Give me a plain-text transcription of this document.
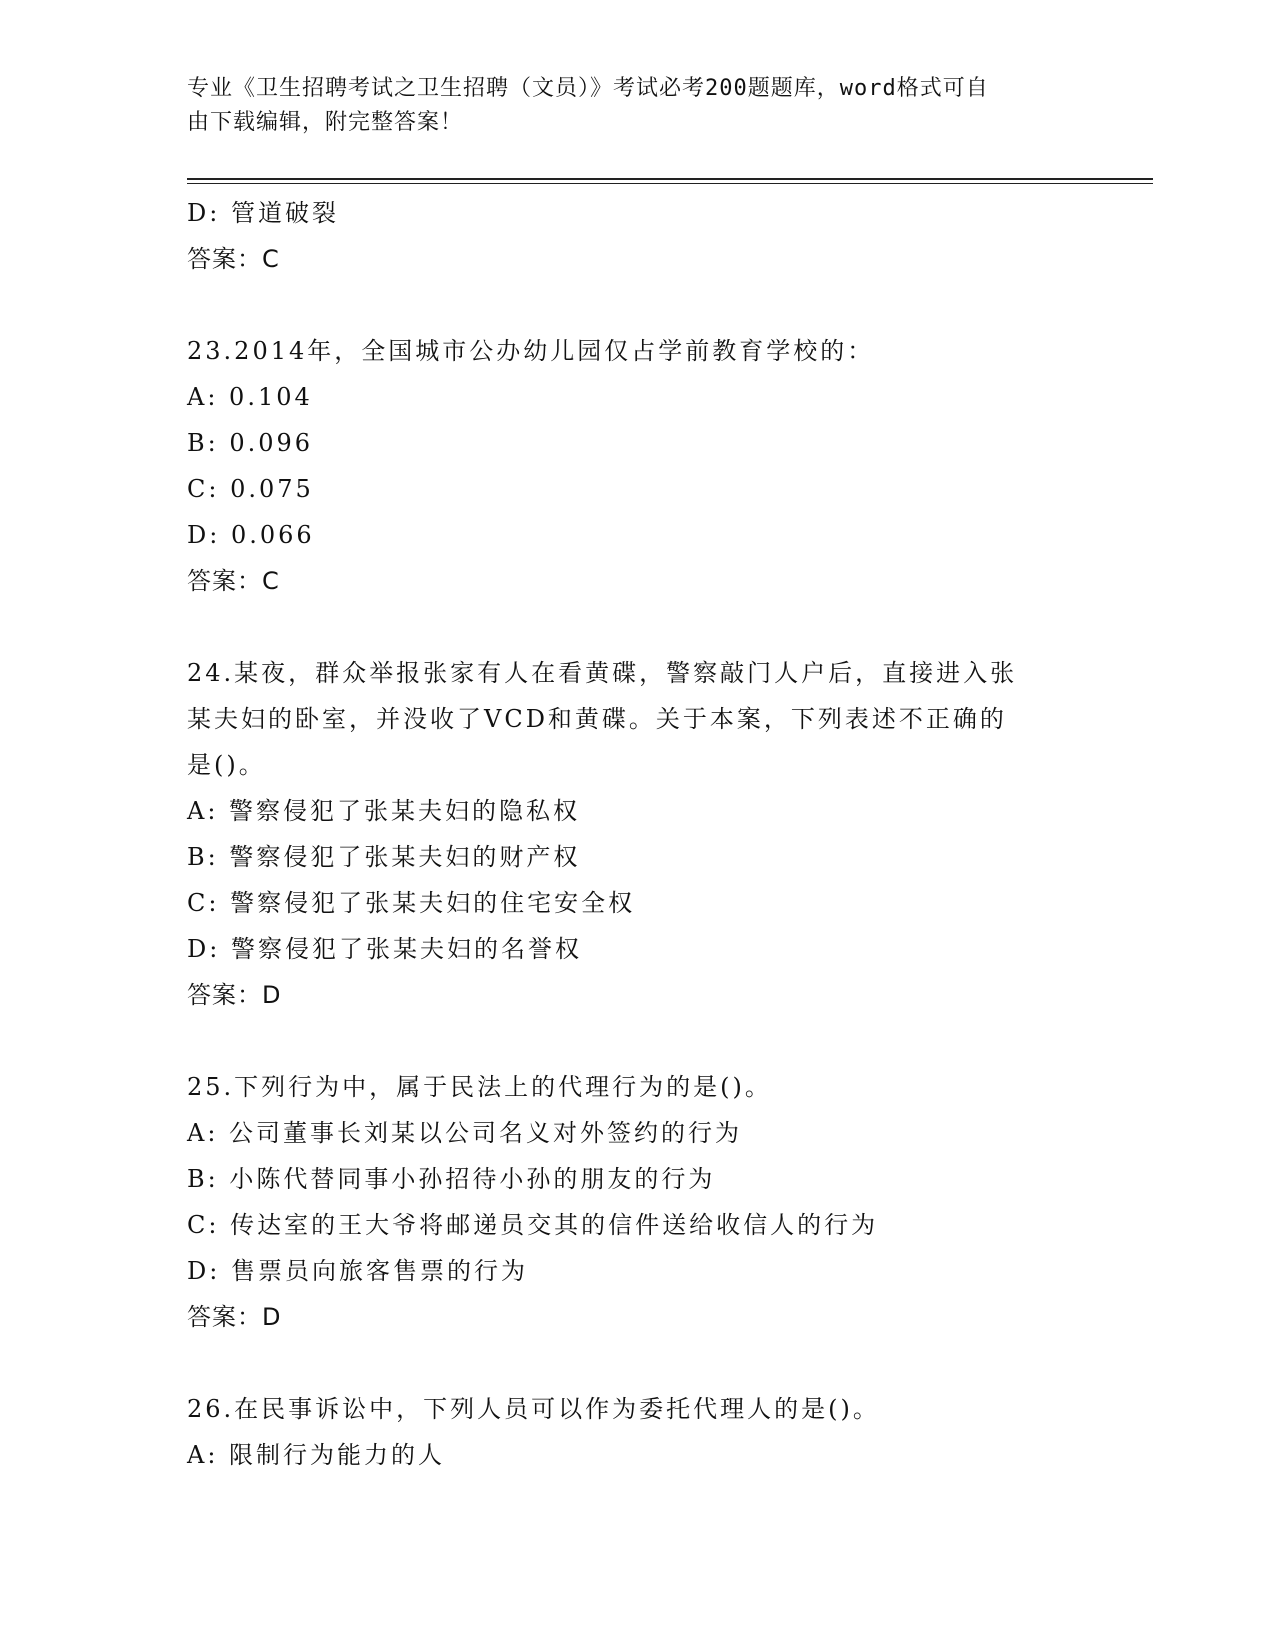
专业《卫生招聘考试之卫生招聘（文员）》考试必考200题题库，word格式可自
由下载编辑，附完整答案！
D: 管道破裂
答案：C
23.2014年，全国城市公办幼儿园仅占学前教育学校的：
A: 0.104
B: 0.096
C: 0.075
D: 0.066
答案：C
24.某夜，群众举报张家有人在看黄碟，警察敲门人户后，直接进入张
某夫妇的卧室，并没收了VCD和黄碟。关于本案，下列表述不正确的
是()。
A: 警察侵犯了张某夫妇的隐私权
B: 警察侵犯了张某夫妇的财产权
C: 警察侵犯了张某夫妇的住宅安全权
D: 警察侵犯了张某夫妇的名誉权
答案：D
25.下列行为中，属于民法上的代理行为的是()。
A: 公司董事长刘某以公司名义对外签约的行为
B: 小陈代替同事小孙招待小孙的朋友的行为
C: 传达室的王大爷将邮递员交其的信件送给收信人的行为
D: 售票员向旅客售票的行为
答案：D
26.在民事诉讼中，下列人员可以作为委托代理人的是()。
A: 限制行为能力的人
